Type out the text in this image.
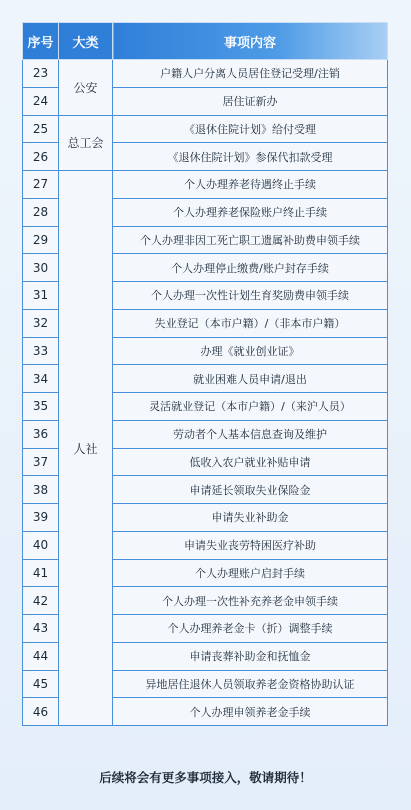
序号	大类	事项内容
23	公安	户籍人户分离人员居住登记受理/注销
24		居住证新办
25	总工会	《退休住院计划》给付受理
26		《退休住院计划》参保代扣款受理
27	人社	个人办理养老待遇终止手续
28		个人办理养老保险账户终止手续
29		个人办理非因工死亡职工遗属补助费申领手续
30		个人办理停止缴费/账户封存手续
31		个人办理一次性计划生育奖励费申领手续
32		失业登记（本市户籍）/（非本市户籍）
33		办理《就业创业证》
34		就业困难人员申请/退出
35		灵活就业登记（本市户籍）/（来沪人员）
36		劳动者个人基本信息查询及维护
37		低收入农户就业补贴申请
38		申请延长领取失业保险金
39		申请失业补助金
40		申请失业丧劳特困医疗补助
41		个人办理账户启封手续
42		个人办理一次性补充养老金申领手续
43		个人办理养老金卡（折）调整手续
44		申请丧葬补助金和抚恤金
45		异地居住退休人员领取养老金资格协助认证
46		个人办理申领养老金手续
后续将会有更多事项接入，敬请期待！
